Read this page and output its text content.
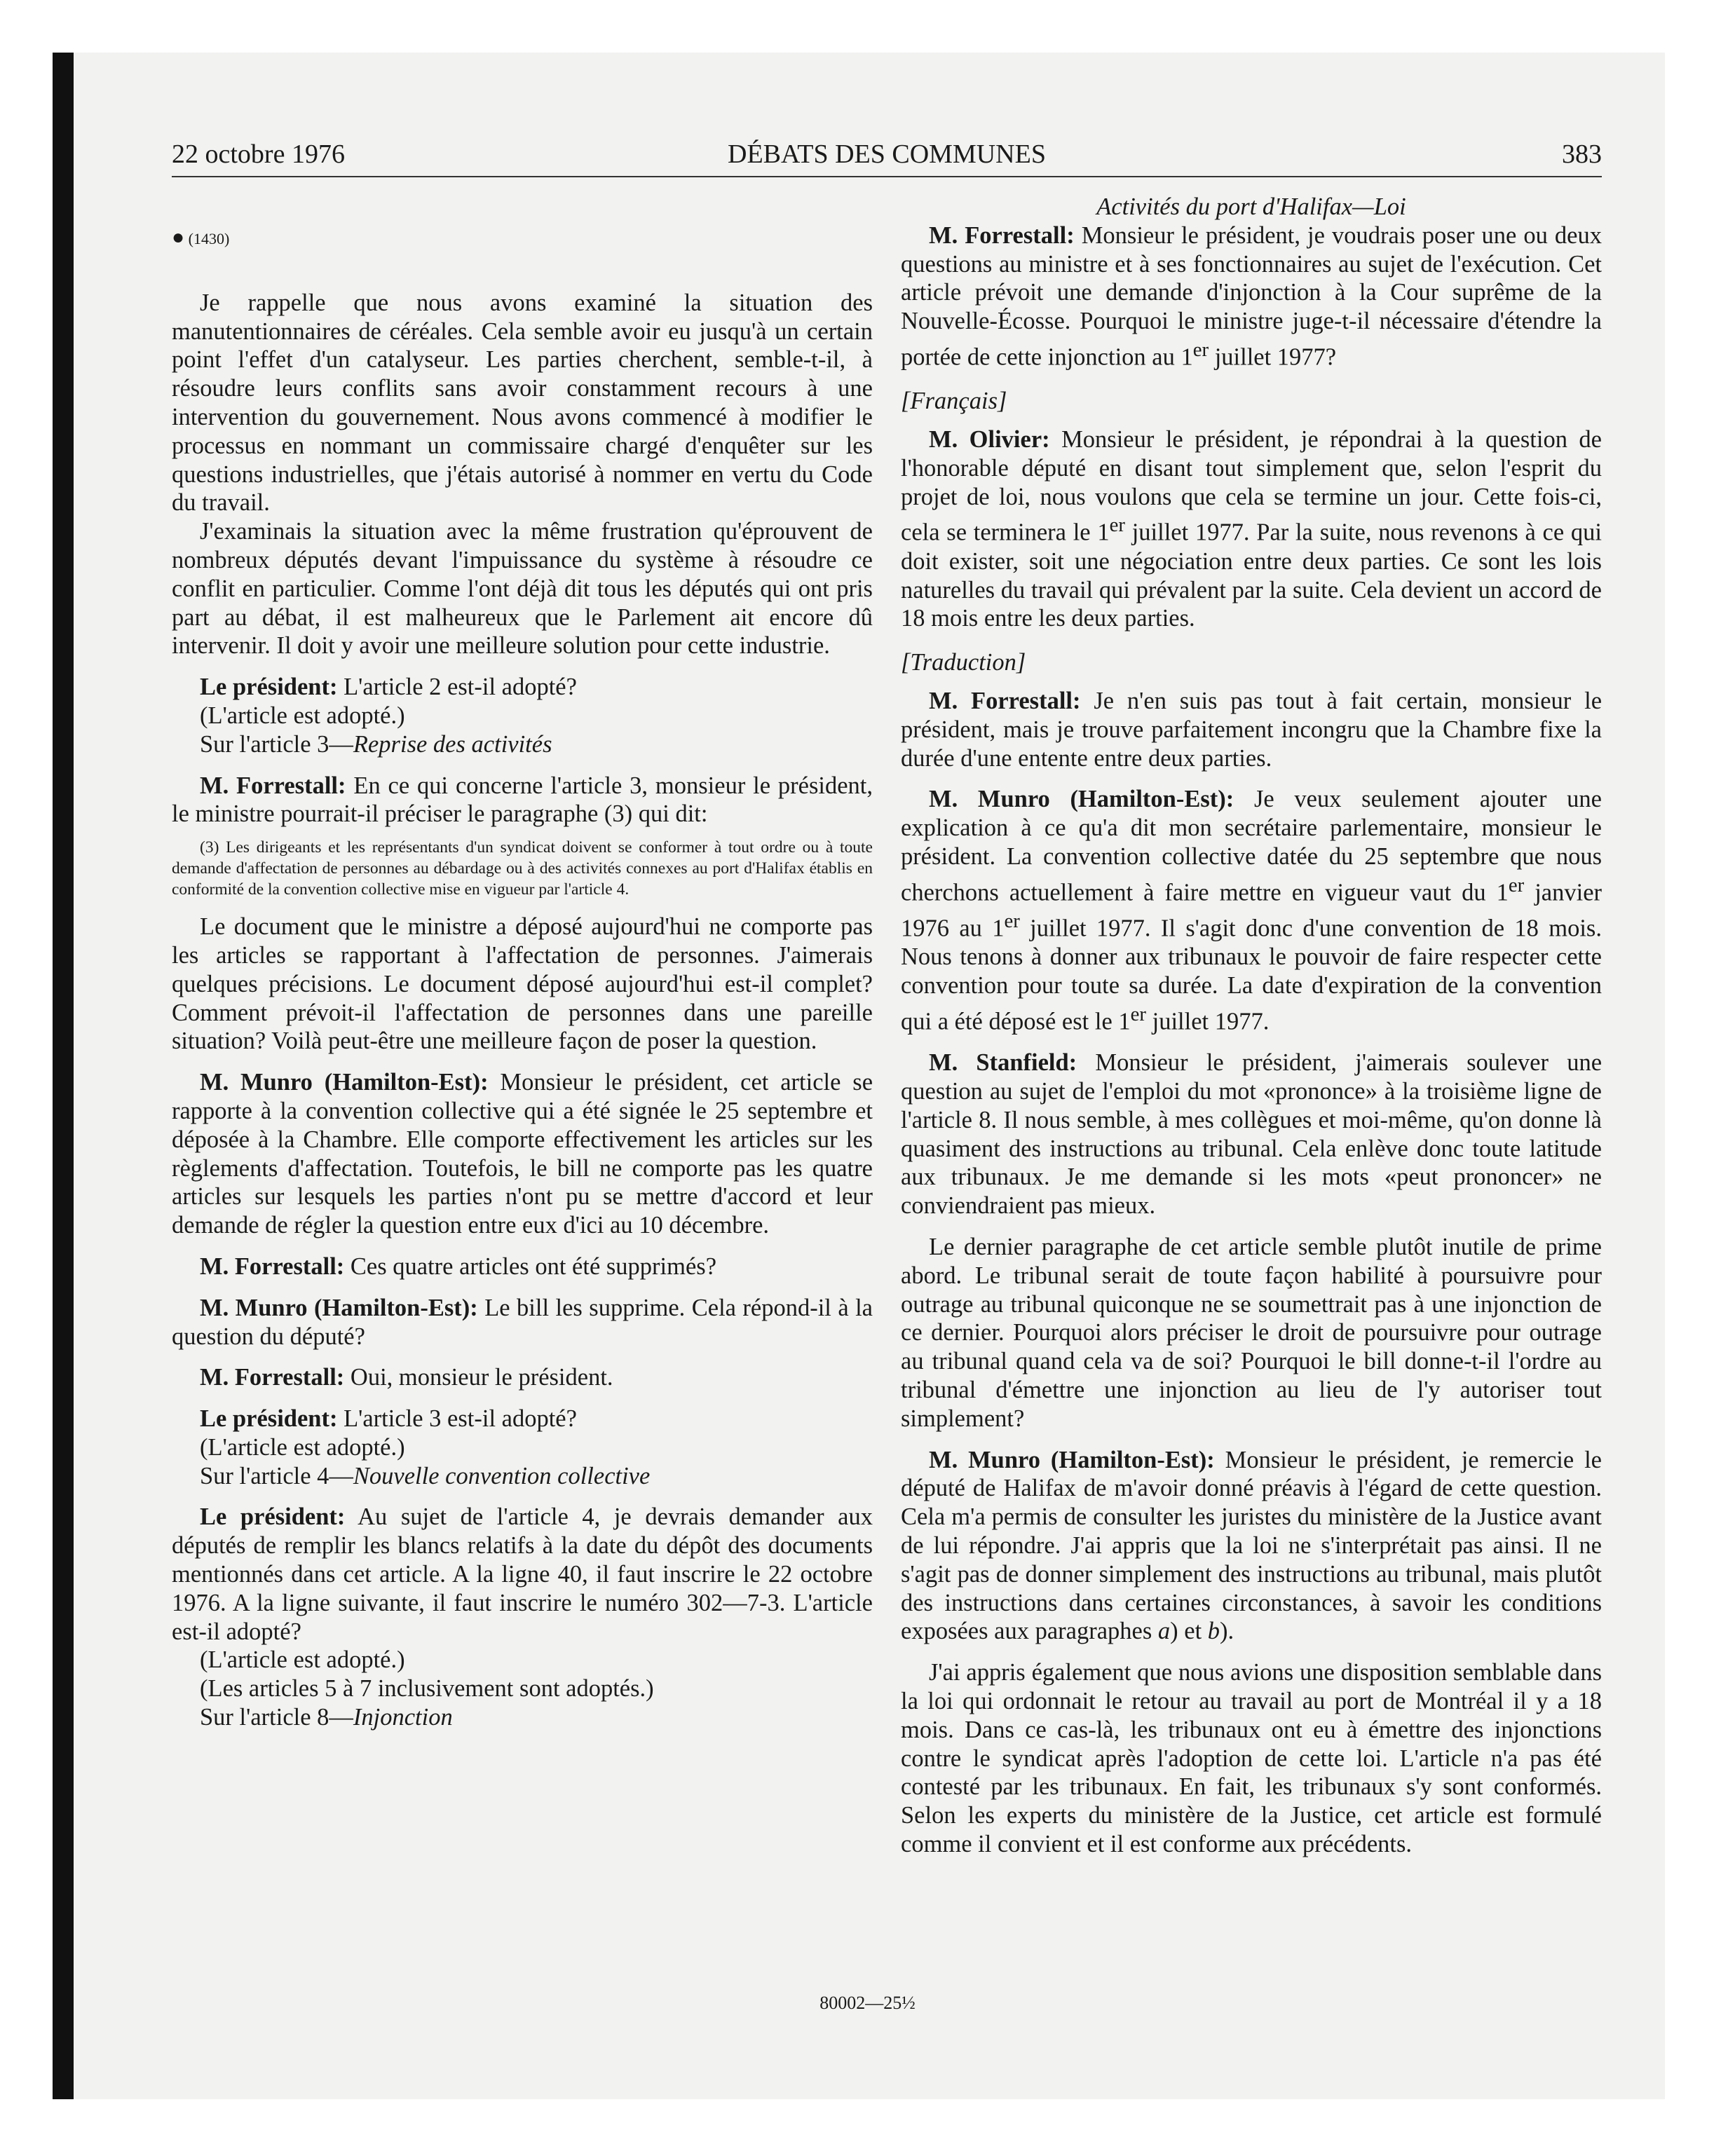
22 octobre 1976	DÉBATS DES COMMUNES	383

● (1430)

Je rappelle que nous avons examiné la situation des manutentionnaires de céréales. Cela semble avoir eu jusqu'à un certain point l'effet d'un catalyseur. Les parties cherchent, semble-t-il, à résoudre leurs conflits sans avoir constamment recours à une intervention du gouvernement. Nous avons commencé à modifier le processus en nommant un commissaire chargé d'enquêter sur les questions industrielles, que j'étais autorisé à nommer en vertu du Code du travail.

J'examinais la situation avec la même frustration qu'éprouvent de nombreux députés devant l'impuissance du système à résoudre ce conflit en particulier. Comme l'ont déjà dit tous les députés qui ont pris part au débat, il est malheureux que le Parlement ait encore dû intervenir. Il doit y avoir une meilleure solution pour cette industrie.

Le président: L'article 2 est-il adopté?

(L'article est adopté.)

Sur l'article 3—Reprise des activités

M. Forrestall: En ce qui concerne l'article 3, monsieur le président, le ministre pourrait-il préciser le paragraphe (3) qui dit:

(3) Les dirigeants et les représentants d'un syndicat doivent se conformer à tout ordre ou à toute demande d'affectation de personnes au débardage ou à des activités connexes au port d'Halifax établis en conformité de la convention collective mise en vigueur par l'article 4.

Le document que le ministre a déposé aujourd'hui ne comporte pas les articles se rapportant à l'affectation de personnes. J'aimerais quelques précisions. Le document déposé aujourd'hui est-il complet? Comment prévoit-il l'affectation de personnes dans une pareille situation? Voilà peut-être une meilleure façon de poser la question.

M. Munro (Hamilton-Est): Monsieur le président, cet article se rapporte à la convention collective qui a été signée le 25 septembre et déposée à la Chambre. Elle comporte effectivement les articles sur les règlements d'affectation. Toutefois, le bill ne comporte pas les quatre articles sur lesquels les parties n'ont pu se mettre d'accord et leur demande de régler la question entre eux d'ici au 10 décembre.

M. Forrestall: Ces quatre articles ont été supprimés?

M. Munro (Hamilton-Est): Le bill les supprime. Cela répond-il à la question du député?

M. Forrestall: Oui, monsieur le président.

Le président: L'article 3 est-il adopté?

(L'article est adopté.)

Sur l'article 4—Nouvelle convention collective

Le président: Au sujet de l'article 4, je devrais demander aux députés de remplir les blancs relatifs à la date du dépôt des documents mentionnés dans cet article. A la ligne 40, il faut inscrire le 22 octobre 1976. A la ligne suivante, il faut inscrire le numéro 302—7-3. L'article est-il adopté?

(L'article est adopté.)

(Les articles 5 à 7 inclusivement sont adoptés.)

Sur l'article 8—Injonction

Activités du port d'Halifax—Loi

M. Forrestall: Monsieur le président, je voudrais poser une ou deux questions au ministre et à ses fonctionnaires au sujet de l'exécution. Cet article prévoit une demande d'injonction à la Cour suprême de la Nouvelle-Écosse. Pourquoi le ministre juge-t-il nécessaire d'étendre la portée de cette injonction au 1er juillet 1977?

[Français]

M. Olivier: Monsieur le président, je répondrai à la question de l'honorable député en disant tout simplement que, selon l'esprit du projet de loi, nous voulons que cela se termine un jour. Cette fois-ci, cela se terminera le 1er juillet 1977. Par la suite, nous revenons à ce qui doit exister, soit une négociation entre deux parties. Ce sont les lois naturelles du travail qui prévalent par la suite. Cela devient un accord de 18 mois entre les deux parties.

[Traduction]

M. Forrestall: Je n'en suis pas tout à fait certain, monsieur le président, mais je trouve parfaitement incongru que la Chambre fixe la durée d'une entente entre deux parties.

M. Munro (Hamilton-Est): Je veux seulement ajouter une explication à ce qu'a dit mon secrétaire parlementaire, monsieur le président. La convention collective datée du 25 septembre que nous cherchons actuellement à faire mettre en vigueur vaut du 1er janvier 1976 au 1er juillet 1977. Il s'agit donc d'une convention de 18 mois. Nous tenons à donner aux tribunaux le pouvoir de faire respecter cette convention pour toute sa durée. La date d'expiration de la convention qui a été déposé est le 1er juillet 1977.

M. Stanfield: Monsieur le président, j'aimerais soulever une question au sujet de l'emploi du mot «prononce» à la troisième ligne de l'article 8. Il nous semble, à mes collègues et moi-même, qu'on donne là quasiment des instructions au tribunal. Cela enlève donc toute latitude aux tribunaux. Je me demande si les mots «peut prononcer» ne conviendraient pas mieux.

Le dernier paragraphe de cet article semble plutôt inutile de prime abord. Le tribunal serait de toute façon habilité à poursuivre pour outrage au tribunal quiconque ne se soumettrait pas à une injonction de ce dernier. Pourquoi alors préciser le droit de poursuivre pour outrage au tribunal quand cela va de soi? Pourquoi le bill donne-t-il l'ordre au tribunal d'émettre une injonction au lieu de l'y autoriser tout simplement?

M. Munro (Hamilton-Est): Monsieur le président, je remercie le député de Halifax de m'avoir donné préavis à l'égard de cette question. Cela m'a permis de consulter les juristes du ministère de la Justice avant de lui répondre. J'ai appris que la loi ne s'interprétait pas ainsi. Il ne s'agit pas de donner simplement des instructions au tribunal, mais plutôt des instructions dans certaines circonstances, à savoir les conditions exposées aux paragraphes a) et b).

J'ai appris également que nous avions une disposition semblable dans la loi qui ordonnait le retour au travail au port de Montréal il y a 18 mois. Dans ce cas-là, les tribunaux ont eu à émettre des injonctions contre le syndicat après l'adoption de cette loi. L'article n'a pas été contesté par les tribunaux. En fait, les tribunaux s'y sont conformés. Selon les experts du ministère de la Justice, cet article est formulé comme il convient et il est conforme aux précédents.

80002—25½
